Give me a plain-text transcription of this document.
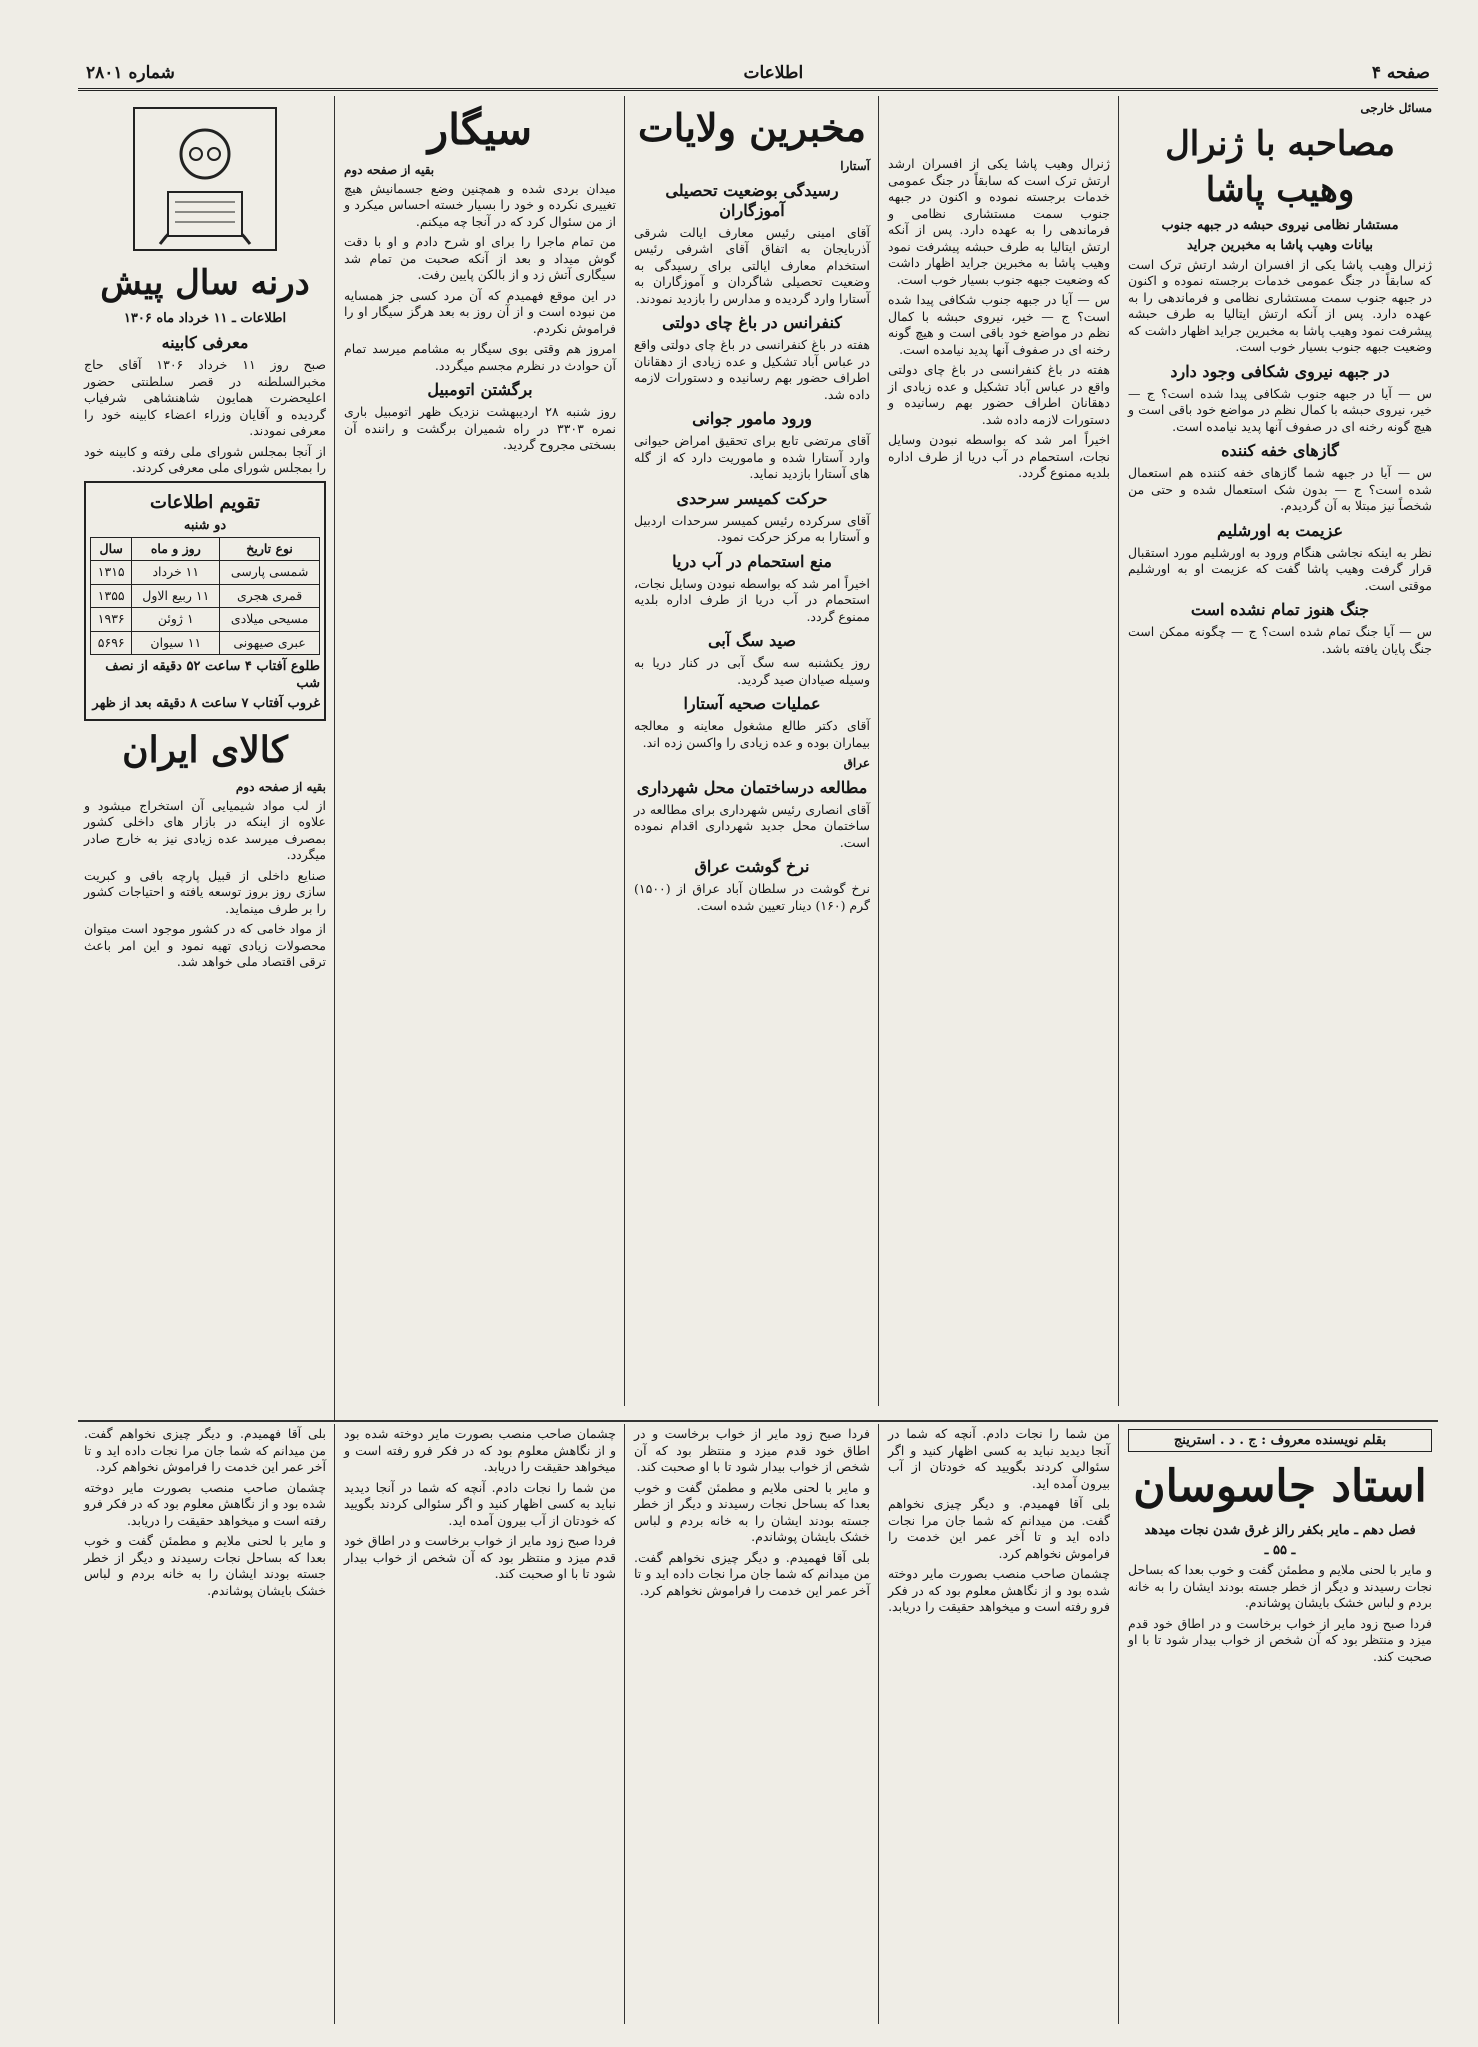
صفحه ۴
اطلاعات
شماره ۲۸۰۱
مسائل خارجی
مصاحبه با ژنرال وهیب پاشا
مستشار نظامی نیروی حبشه در جبهه جنوب
بیانات وهیب پاشا به مخبرین جراید

ژنرال وهیب پاشا یکی از افسران ارشد ارتش ترک است که سابقاً در جنگ عمومی خدمات برجسته نموده و اکنون در جبهه جنوب سمت مستشاری نظامی و فرماندهی را به عهده دارد. پس از آنکه ارتش ایتالیا به طرف حبشه پیشرفت نمود وهیب پاشا به مخبرین جراید اظهار داشت که وضعیت جبهه جنوب بسیار خوب است.

در جبهه نیروی شکافی وجود دارد

س — آیا در جبهه جنوب شکافی پیدا شده است؟ ج — خیر، نیروی حبشه با کمال نظم در مواضع خود باقی است و هیچ گونه رخنه ای در صفوف آنها پدید نیامده است.

گازهای خفه کننده

س — آیا در جبهه شما گازهای خفه کننده هم استعمال شده است؟ ج — بدون شک استعمال شده و حتی من شخصاً نیز مبتلا به آن گردیدم.

عزیمت به اورشلیم

نظر به اینکه نجاشی هنگام ورود به اورشلیم مورد استقبال قرار گرفت وهیب پاشا گفت که عزیمت او به اورشلیم موقتی است.

جنگ هنوز تمام نشده است

س — آیا جنگ تمام شده است؟ ج — چگونه ممکن است جنگ پایان یافته باشد.

مخبرین ولایات
آستارا
رسیدگی بوضعیت تحصیلی آموزگاران

آقای امینی رئیس معارف ایالت شرقی آذربایجان به اتفاق آقای اشرفی رئیس استخدام معارف ایالتی برای رسیدگی به وضعیت تحصیلی شاگردان و آموزگاران به آستارا وارد گردیده و مدارس را بازدید نمودند.

کنفرانس در باغ چای دولتی

هفته در باغ کنفرانسی در باغ چای دولتی واقع در عباس آباد تشکیل و عده زیادی از دهقانان اطراف حضور بهم رسانیده و دستورات لازمه داده شد.

ورود مامور جوانی

آقای مرتضی تابع برای تحقیق امراض حیوانی وارد آستارا شده و ماموریت دارد که از گله های آستارا بازدید نماید.

حرکت کمیسر سرحدی

آقای سرکرده رئیس کمیسر سرحدات اردبیل و آستارا به مرکز حرکت نمود.

منع استحمام در آب دریا

اخیراً امر شد که بواسطه نبودن وسایل نجات، استحمام در آب دریا از طرف اداره بلدیه ممنوع گردد.

صید سگ آبی

روز یکشنبه سه سگ آبی در کنار دریا به وسیله صیادان صید گردید.

عملیات صحیه آستارا

آقای دکتر طالع مشغول معاینه و معالجه بیماران بوده و عده زیادی را واکسن زده اند.

عراق
مطالعه درساختمان محل شهرداری

آقای انصاری رئیس شهرداری برای مطالعه در ساختمان محل جدید شهرداری اقدام نموده است.

نرخ گوشت عراق

نرخ گوشت در سلطان آباد عراق از (۱۵۰۰) گرم (۱۶۰) دینار تعیین شده است.

ژنرال وهیب پاشا یکی از افسران ارشد ارتش ترک است که سابقاً در جنگ عمومی خدمات برجسته نموده و اکنون در جبهه جنوب سمت مستشاری نظامی و فرماندهی را به عهده دارد. پس از آنکه ارتش ایتالیا به طرف حبشه پیشرفت نمود وهیب پاشا به مخبرین جراید اظهار داشت که وضعیت جبهه جنوب بسیار خوب است.

س — آیا در جبهه جنوب شکافی پیدا شده است؟ ج — خیر، نیروی حبشه با کمال نظم در مواضع خود باقی است و هیچ گونه رخنه ای در صفوف آنها پدید نیامده است.

هفته در باغ کنفرانسی در باغ چای دولتی واقع در عباس آباد تشکیل و عده زیادی از دهقانان اطراف حضور بهم رسانیده و دستورات لازمه داده شد.

اخیراً امر شد که بواسطه نبودن وسایل نجات، استحمام در آب دریا از طرف اداره بلدیه ممنوع گردد.

سیگار
بقیه از صفحه دوم

میدان بردی شده و همچنین وضع جسمانیش هیچ تغییری نکرده و خود را بسیار خسته احساس میکرد و از من سئوال کرد که در آنجا چه میکنم.

من تمام ماجرا را برای او شرح دادم و او با دقت گوش میداد و بعد از آنکه صحبت من تمام شد سیگاری آتش زد و از بالکن پایین رفت.

در این موقع فهمیدم که آن مرد کسی جز همسایه من نبوده است و از آن روز به بعد هرگز سیگار او را فراموش نکردم.

امروز هم وقتی بوی سیگار به مشامم میرسد تمام آن حوادث در نظرم مجسم میگردد.

برگشتن اتومبیل

روز شنبه ۲۸ اردیبهشت نزدیک ظهر اتومبیل باری نمره ۳۳۰۳ در راه شمیران برگشت و راننده آن بسختی مجروح گردید.

درنه سال پیش
اطلاعات ـ ۱۱ خرداد ماه ۱۳۰۶
معرفی کابینه

صبح روز ۱۱ خرداد ۱۳۰۶ آقای حاج مخبرالسلطنه در قصر سلطنتی حضور اعلیحضرت همایون شاهنشاهی شرفیاب گردیده و آقایان وزراء اعضاء کابینه خود را معرفی نمودند.

از آنجا بمجلس شورای ملی رفته و کابینه خود را بمجلس شورای ملی معرفی کردند.

تقویم اطلاعات
دو شنبه
نوع تاریخ	روز و ماه	سال
شمسی پارسی	۱۱ خرداد	۱۳۱۵
قمری هجری	۱۱ ربیع الاول	۱۳۵۵
مسیحی میلادی	۱ ژوئن	۱۹۳۶
عبری صیهونی	۱۱ سیوان	۵۶۹۶
طلوع آفتاب ۴ ساعت ۵۲ دقیقه از نصف شب
غروب آفتاب ۷ ساعت ۸ دقیقه بعد از ظهر
کالای ایران
بقیه از صفحه دوم

از لب مواد شیمیایی آن استخراج میشود و علاوه از اینکه در بازار های داخلی کشور بمصرف میرسد عده زیادی نیز به خارج صادر میگردد.

صنایع داخلی از قبیل پارچه بافی و کبریت سازی روز بروز توسعه یافته و احتیاجات کشور را بر طرف مینماید.

از مواد خامی که در کشور موجود است میتوان محصولات زیادی تهیه نمود و این امر باعث ترقی اقتصاد ملی خواهد شد.

بقلم نویسنده معروف : ج . د . استرینج
استاد جاسوسان
فصل دهم ـ مایر بکفر رالز غرق شدن نجات میدهد
ـ ۵۵ ـ

و مایر با لحنی ملایم و مطمئن گفت و خوب بعدا که بساحل نجات رسیدند و دیگر از خطر جسته بودند ایشان را به خانه بردم و لباس خشک بایشان پوشاندم.

فردا صبح زود مایر از خواب برخاست و در اطاق خود قدم میزد و منتظر بود که آن شخص از خواب بیدار شود تا با او صحبت کند.

من شما را نجات دادم. آنچه که شما در آنجا دیدید نباید به کسی اظهار کنید و اگر سئوالی کردند بگویید که خودتان از آب بیرون آمده اید.

بلی آقا فهمیدم. و دیگر چیزی نخواهم گفت. من میدانم که شما جان مرا نجات داده اید و تا آخر عمر این خدمت را فراموش نخواهم کرد.

چشمان صاحب منصب بصورت مایر دوخته شده بود و از نگاهش معلوم بود که در فکر فرو رفته است و میخواهد حقیقت را دریابد.

فردا صبح زود مایر از خواب برخاست و در اطاق خود قدم میزد و منتظر بود که آن شخص از خواب بیدار شود تا با او صحبت کند.

و مایر با لحنی ملایم و مطمئن گفت و خوب بعدا که بساحل نجات رسیدند و دیگر از خطر جسته بودند ایشان را به خانه بردم و لباس خشک بایشان پوشاندم.

بلی آقا فهمیدم. و دیگر چیزی نخواهم گفت. من میدانم که شما جان مرا نجات داده اید و تا آخر عمر این خدمت را فراموش نخواهم کرد.

چشمان صاحب منصب بصورت مایر دوخته شده بود و از نگاهش معلوم بود که در فکر فرو رفته است و میخواهد حقیقت را دریابد.

من شما را نجات دادم. آنچه که شما در آنجا دیدید نباید به کسی اظهار کنید و اگر سئوالی کردند بگویید که خودتان از آب بیرون آمده اید.

فردا صبح زود مایر از خواب برخاست و در اطاق خود قدم میزد و منتظر بود که آن شخص از خواب بیدار شود تا با او صحبت کند.

بلی آقا فهمیدم. و دیگر چیزی نخواهم گفت. من میدانم که شما جان مرا نجات داده اید و تا آخر عمر این خدمت را فراموش نخواهم کرد.

چشمان صاحب منصب بصورت مایر دوخته شده بود و از نگاهش معلوم بود که در فکر فرو رفته است و میخواهد حقیقت را دریابد.

و مایر با لحنی ملایم و مطمئن گفت و خوب بعدا که بساحل نجات رسیدند و دیگر از خطر جسته بودند ایشان را به خانه بردم و لباس خشک بایشان پوشاندم.
